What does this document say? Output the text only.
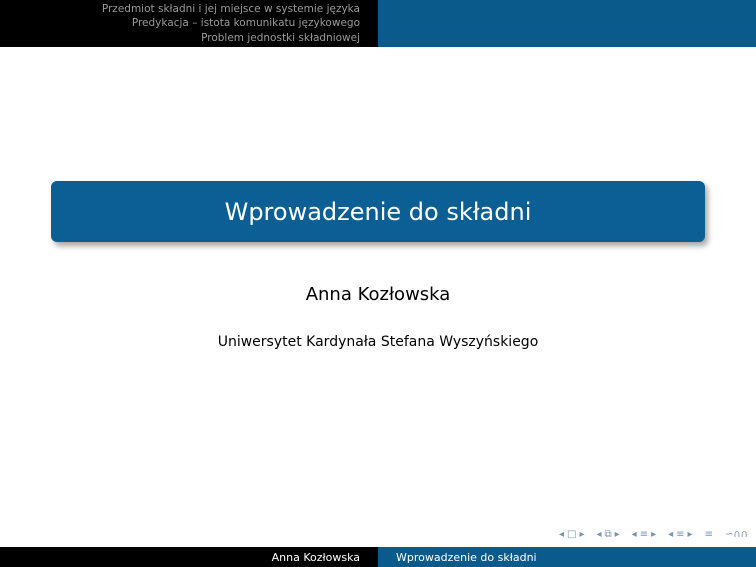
Przedmiot składni i jej miejsce w systemie języka
Predykacja – istota komunikatu językowego
Problem jednostki składniowej
Wprowadzenie do składni
Anna Kozłowska
Uniwersytet Kardynała Stefana Wyszyńskiego
◂ □ ▸ ◂ ⧉ ▸ ◂ ≡ ▸ ◂ ≡ ▸ ≡ ∽∩∩
Anna Kozłowska	Wprowadzenie do składni
